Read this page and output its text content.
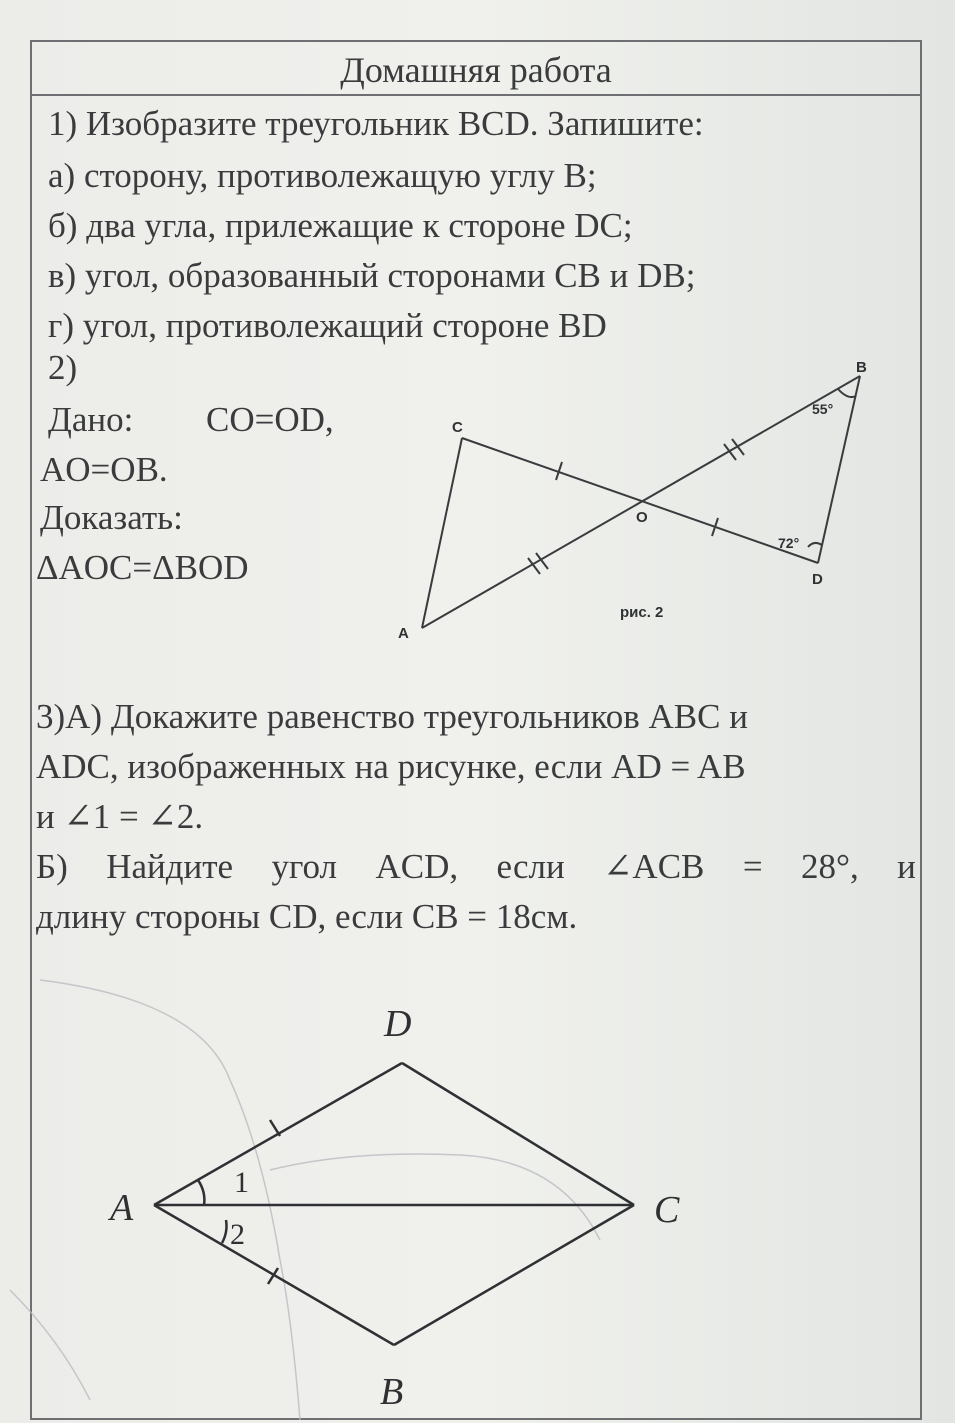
Домашняя работа
1) Изобразите треугольник BCD. Запишите:
а) сторону, противолежащую углу B;
б) два угла, прилежащие к стороне DC;
в) угол, образованный сторонами CB и DB;
г) угол, противолежащий стороне BD
2)
Дано: CO=OD,
AO=OB.
Доказать:
ΔAOC=ΔBOD
B
C
O
D
A
55°
72°
рис. 2
3)А) Докажите равенство треугольников ABC и
ADC, изображенных на рисунке, если AD = AB
и ∠1 = ∠2.
Б) Найдите угол ACD, если ∠ACB = 28°, и
длину стороны CD, если CB = 18см.
D
A	C
B
1
2
